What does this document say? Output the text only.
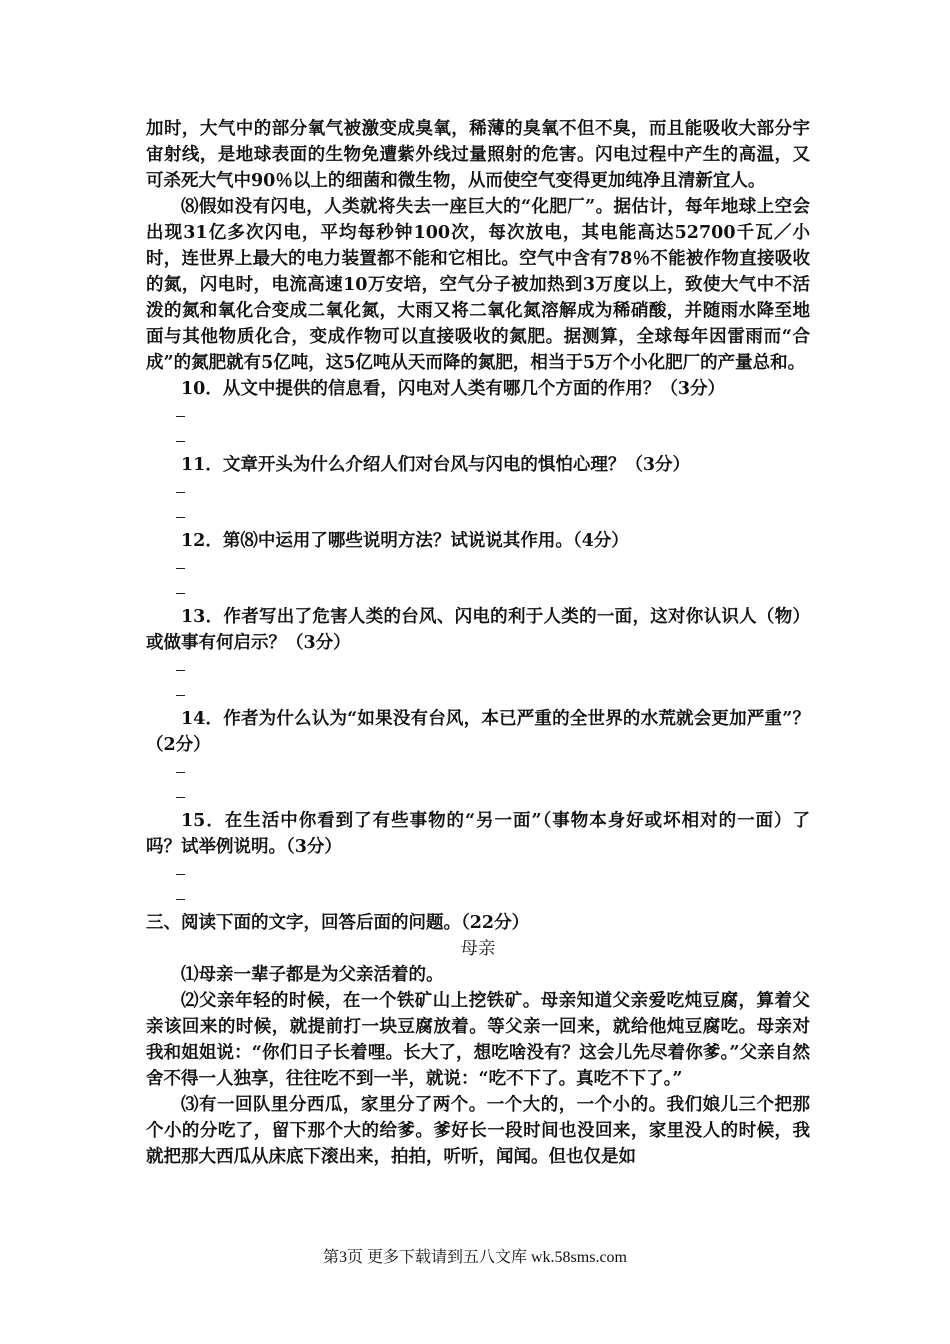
加时，大气中的部分氧气被激变成臭氧，稀薄的臭氧不但不臭，而且能吸收大部分宇宙射线，是地球表面的生物免遭紫外线过量照射的危害。闪电过程中产生的高温，又可杀死大气中90％以上的细菌和微生物，从而使空气变得更加纯净且清新宜人。

⑻假如没有闪电，人类就将失去一座巨大的“化肥厂”。据估计，每年地球上空会出现31亿多次闪电，平均每秒钟100次，每次放电，其电能高达52700千瓦／小时，连世界上最大的电力装置都不能和它相比。空气中含有78％不能被作物直接吸收的氮，闪电时，电流高速10万安培，空气分子被加热到3万度以上，致使大气中不活泼的氮和氧化合变成二氧化氮，大雨又将二氧化氮溶解成为稀硝酸，并随雨水降至地面与其他物质化合，变成作物可以直接吸收的氮肥。据测算，全球每年因雷雨而“合成”的氮肥就有5亿吨，这5亿吨从天而降的氮肥，相当于5万个小化肥厂的产量总和。

10．从文中提供的信息看，闪电对人类有哪几个方面的作用？（3分）

11．文章开头为什么介绍人们对台风与闪电的惧怕心理？（3分）

12．第⑻中运用了哪些说明方法？试说说其作用。（4分）

13．作者写出了危害人类的台风、闪电的利于人类的一面，这对你认识人（物）或做事有何启示？（3分）

14．作者为什么认为“如果没有台风，本已严重的全世界的水荒就会更加严重”？（2分）

15．在生活中你看到了有些事物的“另一面”（事物本身好或坏相对的一面）了吗？试举例说明。（3分）

三、阅读下面的文字，回答后面的问题。（22分）

母亲

⑴母亲一辈子都是为父亲活着的。

⑵父亲年轻的时候，在一个铁矿山上挖铁矿。母亲知道父亲爱吃炖豆腐，算着父亲该回来的时候，就提前打一块豆腐放着。等父亲一回来，就给他炖豆腐吃。母亲对我和姐姐说：“你们日子长着哩。长大了，想吃啥没有？这会儿先尽着你爹。”父亲自然舍不得一人独享，往往吃不到一半，就说：“吃不下了。真吃不下了。”

⑶有一回队里分西瓜，家里分了两个。一个大的，一个小的。我们娘儿三个把那个小的分吃了，留下那个大的给爹。爹好长一段时间也没回来，家里没人的时候，我就把那大西瓜从床底下滚出来，拍拍，听听，闻闻。但也仅是如

第3页 更多下载请到五八文库 wk.58sms.com
